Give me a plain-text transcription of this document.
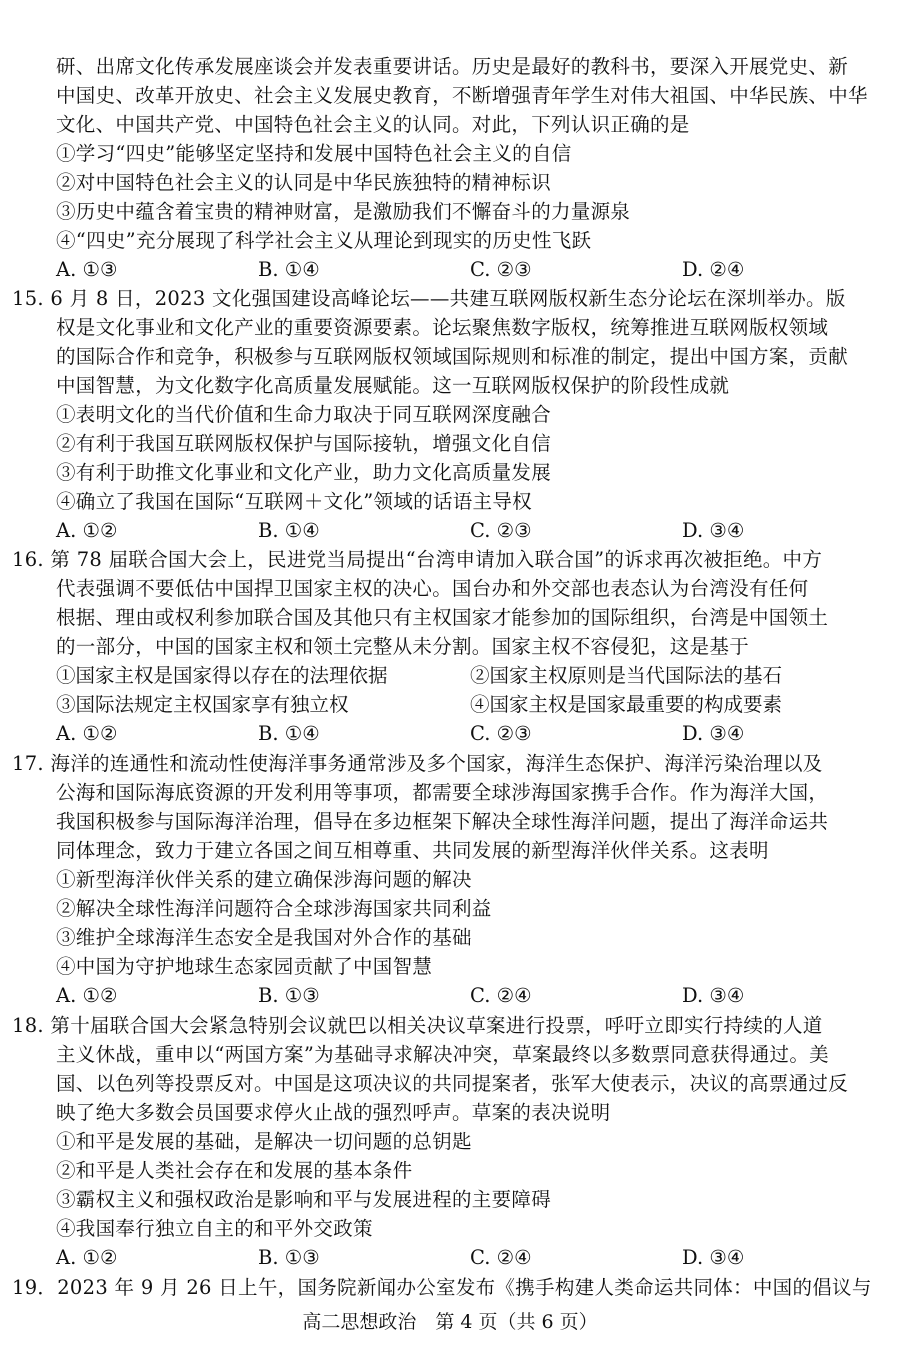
研、出席文化传承发展座谈会并发表重要讲话。历史是最好的教科书，要深入开展党史、新
中国史、改革开放史、社会主义发展史教育，不断增强青年学生对伟大祖国、中华民族、中华
文化、中国共产党、中国特色社会主义的认同。对此，下列认识正确的是
①学习“四史”能够坚定坚持和发展中国特色社会主义的自信
②对中国特色社会主义的认同是中华民族独特的精神标识
③历史中蕴含着宝贵的精神财富，是激励我们不懈奋斗的力量源泉
④“四史”充分展现了科学社会主义从理论到现实的历史性飞跃
A. ①③	B. ①④	C. ②③	D. ②④
15. 6 月 8 日，2023 文化强国建设高峰论坛——共建互联网版权新生态分论坛在深圳举办。版
权是文化事业和文化产业的重要资源要素。论坛聚焦数字版权，统筹推进互联网版权领域
的国际合作和竞争，积极参与互联网版权领域国际规则和标准的制定，提出中国方案，贡献
中国智慧，为文化数字化高质量发展赋能。这一互联网版权保护的阶段性成就
①表明文化的当代价值和生命力取决于同互联网深度融合
②有利于我国互联网版权保护与国际接轨，增强文化自信
③有利于助推文化事业和文化产业，助力文化高质量发展
④确立了我国在国际“互联网＋文化”领域的话语主导权
A. ①②	B. ①④	C. ②③	D. ③④
16. 第 78 届联合国大会上，民进党当局提出“台湾申请加入联合国”的诉求再次被拒绝。中方
代表强调不要低估中国捍卫国家主权的决心。国台办和外交部也表态认为台湾没有任何
根据、理由或权利参加联合国及其他只有主权国家才能参加的国际组织，台湾是中国领土
的一部分，中国的国家主权和领土完整从未分割。国家主权不容侵犯，这是基于
①国家主权是国家得以存在的法理依据	②国家主权原则是当代国际法的基石
③国际法规定主权国家享有独立权	④国家主权是国家最重要的构成要素
A. ①②	B. ①④	C. ②③	D. ③④
17. 海洋的连通性和流动性使海洋事务通常涉及多个国家，海洋生态保护、海洋污染治理以及
公海和国际海底资源的开发利用等事项，都需要全球涉海国家携手合作。作为海洋大国，
我国积极参与国际海洋治理，倡导在多边框架下解决全球性海洋问题，提出了海洋命运共
同体理念，致力于建立各国之间互相尊重、共同发展的新型海洋伙伴关系。这表明
①新型海洋伙伴关系的建立确保涉海问题的解决
②解决全球性海洋问题符合全球涉海国家共同利益
③维护全球海洋生态安全是我国对外合作的基础
④中国为守护地球生态家园贡献了中国智慧
A. ①②	B. ①③	C. ②④	D. ③④
18. 第十届联合国大会紧急特别会议就巴以相关决议草案进行投票，呼吁立即实行持续的人道
主义休战，重申以“两国方案”为基础寻求解决冲突，草案最终以多数票同意获得通过。美
国、以色列等投票反对。中国是这项决议的共同提案者，张军大使表示，决议的高票通过反
映了绝大多数会员国要求停火止战的强烈呼声。草案的表决说明
①和平是发展的基础，是解决一切问题的总钥匙
②和平是人类社会存在和发展的基本条件
③霸权主义和强权政治是影响和平与发展进程的主要障碍
④我国奉行独立自主的和平外交政策
A. ①②	B. ①③	C. ②④	D. ③④
19．2023 年 9 月 26 日上午，国务院新闻办公室发布《携手构建人类命运共同体：中国的倡议与
高二思想政治　第 4 页（共 6 页）
